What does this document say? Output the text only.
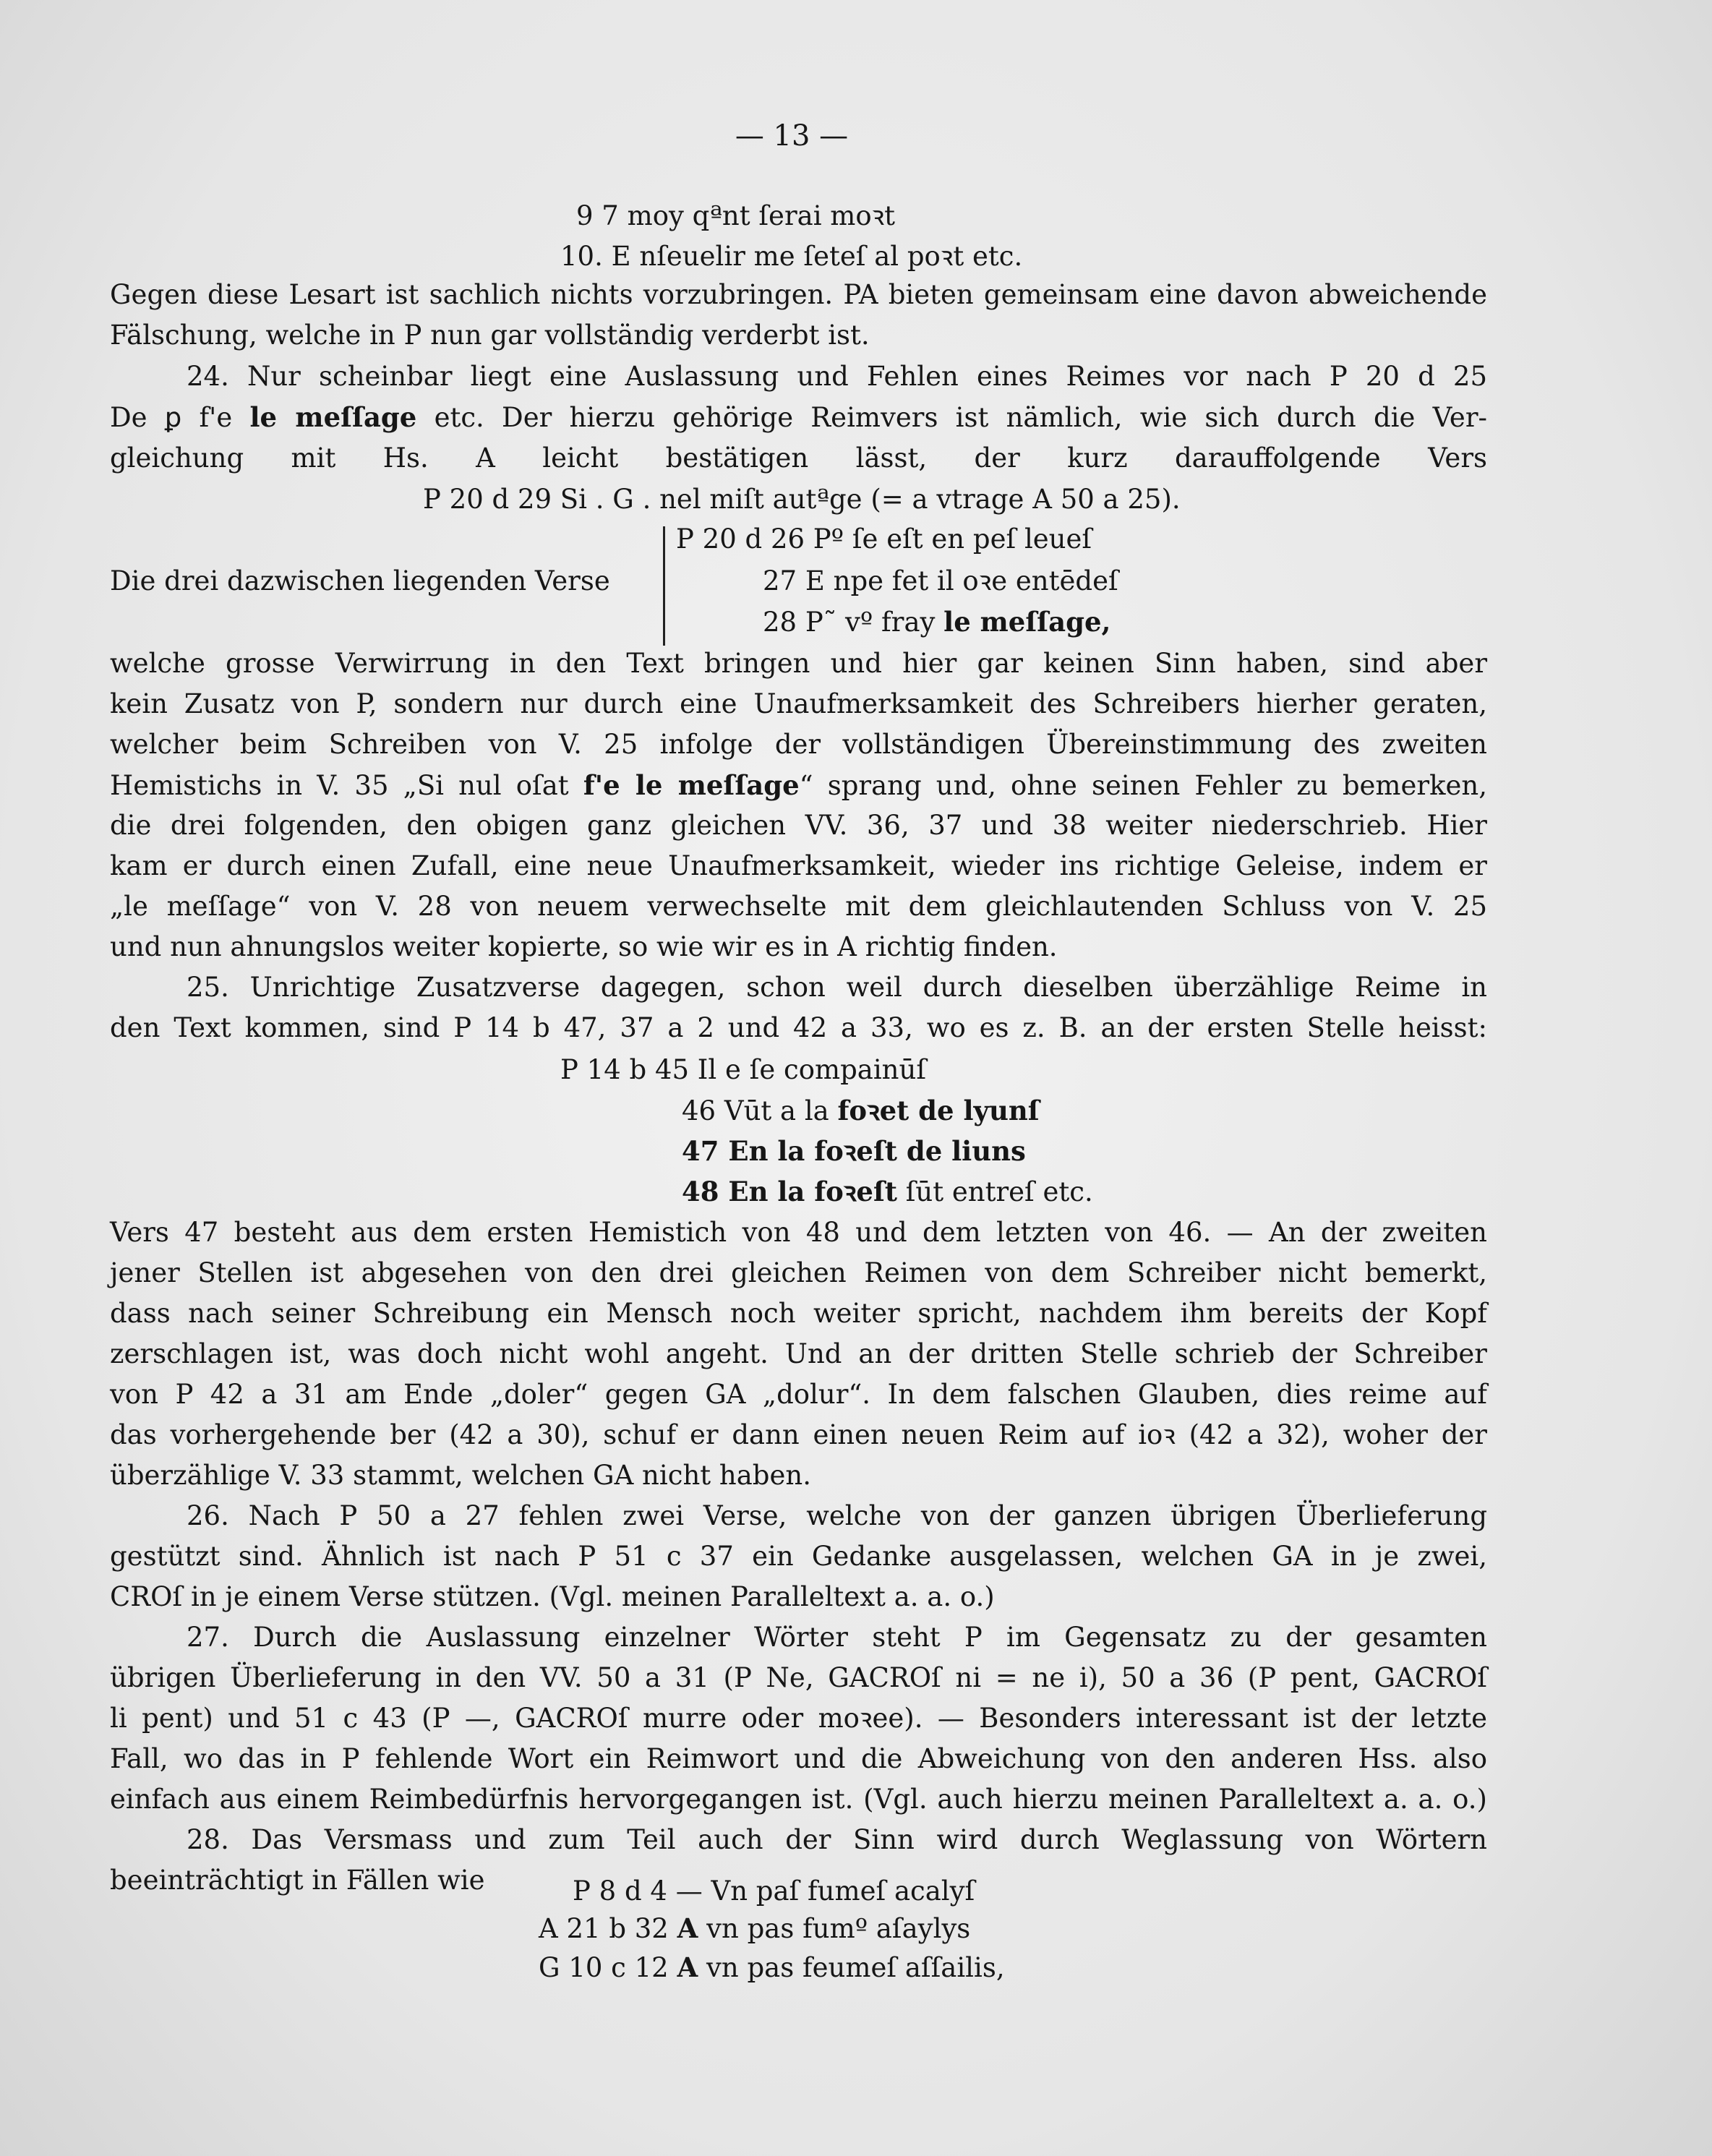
— 13 —
9 7 moy qªnt ſerai moꝛt
10. E nſeuelir me ſeteſ al poꝛt etc.
Gegen diese Lesart ist sachlich nichts vorzubringen. PA bieten gemeinsam eine davon abweichende
Fälschung, welche in P nun gar vollständig verderbt ist.
24. Nur scheinbar liegt eine Auslassung und Fehlen eines Reimes vor nach P 20 d 25
De ꝑ f'e le meſſage etc. Der hierzu gehörige Reimvers ist nämlich, wie sich durch die Ver-
gleichung mit Hs. A leicht bestätigen lässt, der kurz darauffolgende Vers
P 20 d 29 Si . G . nel miſt autªge (= a vtrage A 50 a 25).
P 20 d 26 Pº ſe eſt en peſ leueſ
Die drei dazwischen liegenden Verse	27 E npe fet il oꝛe entēdeſ
28 P˜ vº fray le meſſage,
welche grosse Verwirrung in den Text bringen und hier gar keinen Sinn haben, sind aber
kein Zusatz von P, sondern nur durch eine Unaufmerksamkeit des Schreibers hierher geraten,
welcher beim Schreiben von V. 25 infolge der vollständigen Übereinstimmung des zweiten
Hemistichs in V. 35 „Si nul oſat f'e le meſſage“ sprang und, ohne seinen Fehler zu bemerken,
die drei folgenden, den obigen ganz gleichen VV. 36, 37 und 38 weiter niederschrieb. Hier
kam er durch einen Zufall, eine neue Unaufmerksamkeit, wieder ins richtige Geleise, indem er
„le meſſage“ von V. 28 von neuem verwechselte mit dem gleichlautenden Schluss von V. 25
und nun ahnungslos weiter kopierte, so wie wir es in A richtig finden.
25. Unrichtige Zusatzverse dagegen, schon weil durch dieselben überzählige Reime in
den Text kommen, sind P 14 b 47, 37 a 2 und 42 a 33, wo es z. B. an der ersten Stelle heisst:
P 14 b 45 Il e ſe compainūſ
46 Vūt a la foꝛet de lyunſ
47 En la foꝛeſt de liuns
48 En la foꝛeſt ſūt entreſ etc.
Vers 47 besteht aus dem ersten Hemistich von 48 und dem letzten von 46. — An der zweiten
jener Stellen ist abgesehen von den drei gleichen Reimen von dem Schreiber nicht bemerkt,
dass nach seiner Schreibung ein Mensch noch weiter spricht, nachdem ihm bereits der Kopf
zerschlagen ist, was doch nicht wohl angeht. Und an der dritten Stelle schrieb der Schreiber
von P 42 a 31 am Ende „doler“ gegen GA „dolur“. In dem falschen Glauben, dies reime auf
das vorhergehende ber (42 a 30), schuf er dann einen neuen Reim auf ioꝛ (42 a 32), woher der
überzählige V. 33 stammt, welchen GA nicht haben.
26. Nach P 50 a 27 fehlen zwei Verse, welche von der ganzen übrigen Überlieferung
gestützt sind. Ähnlich ist nach P 51 c 37 ein Gedanke ausgelassen, welchen GA in je zwei,
CROſ in je einem Verse stützen. (Vgl. meinen Paralleltext a. a. o.)
27. Durch die Auslassung einzelner Wörter steht P im Gegensatz zu der gesamten
übrigen Überlieferung in den VV. 50 a 31 (P Ne, GACROſ ni = ne i), 50 a 36 (P pent, GACROſ
li pent) und 51 c 43 (P —, GACROſ murre oder moꝛee). — Besonders interessant ist der letzte
Fall, wo das in P fehlende Wort ein Reimwort und die Abweichung von den anderen Hss. also
einfach aus einem Reimbedürfnis hervorgegangen ist. (Vgl. auch hierzu meinen Paralleltext a. a. o.)
28. Das Versmass und zum Teil auch der Sinn wird durch Weglassung von Wörtern
beeinträchtigt in Fällen wie	P 8 d 4 — Vn paſ fumeſ acalyſ
A 21 b 32 A vn pas fumº aſaylys
G 10 c 12 A vn pas feumeſ aſſailis,
